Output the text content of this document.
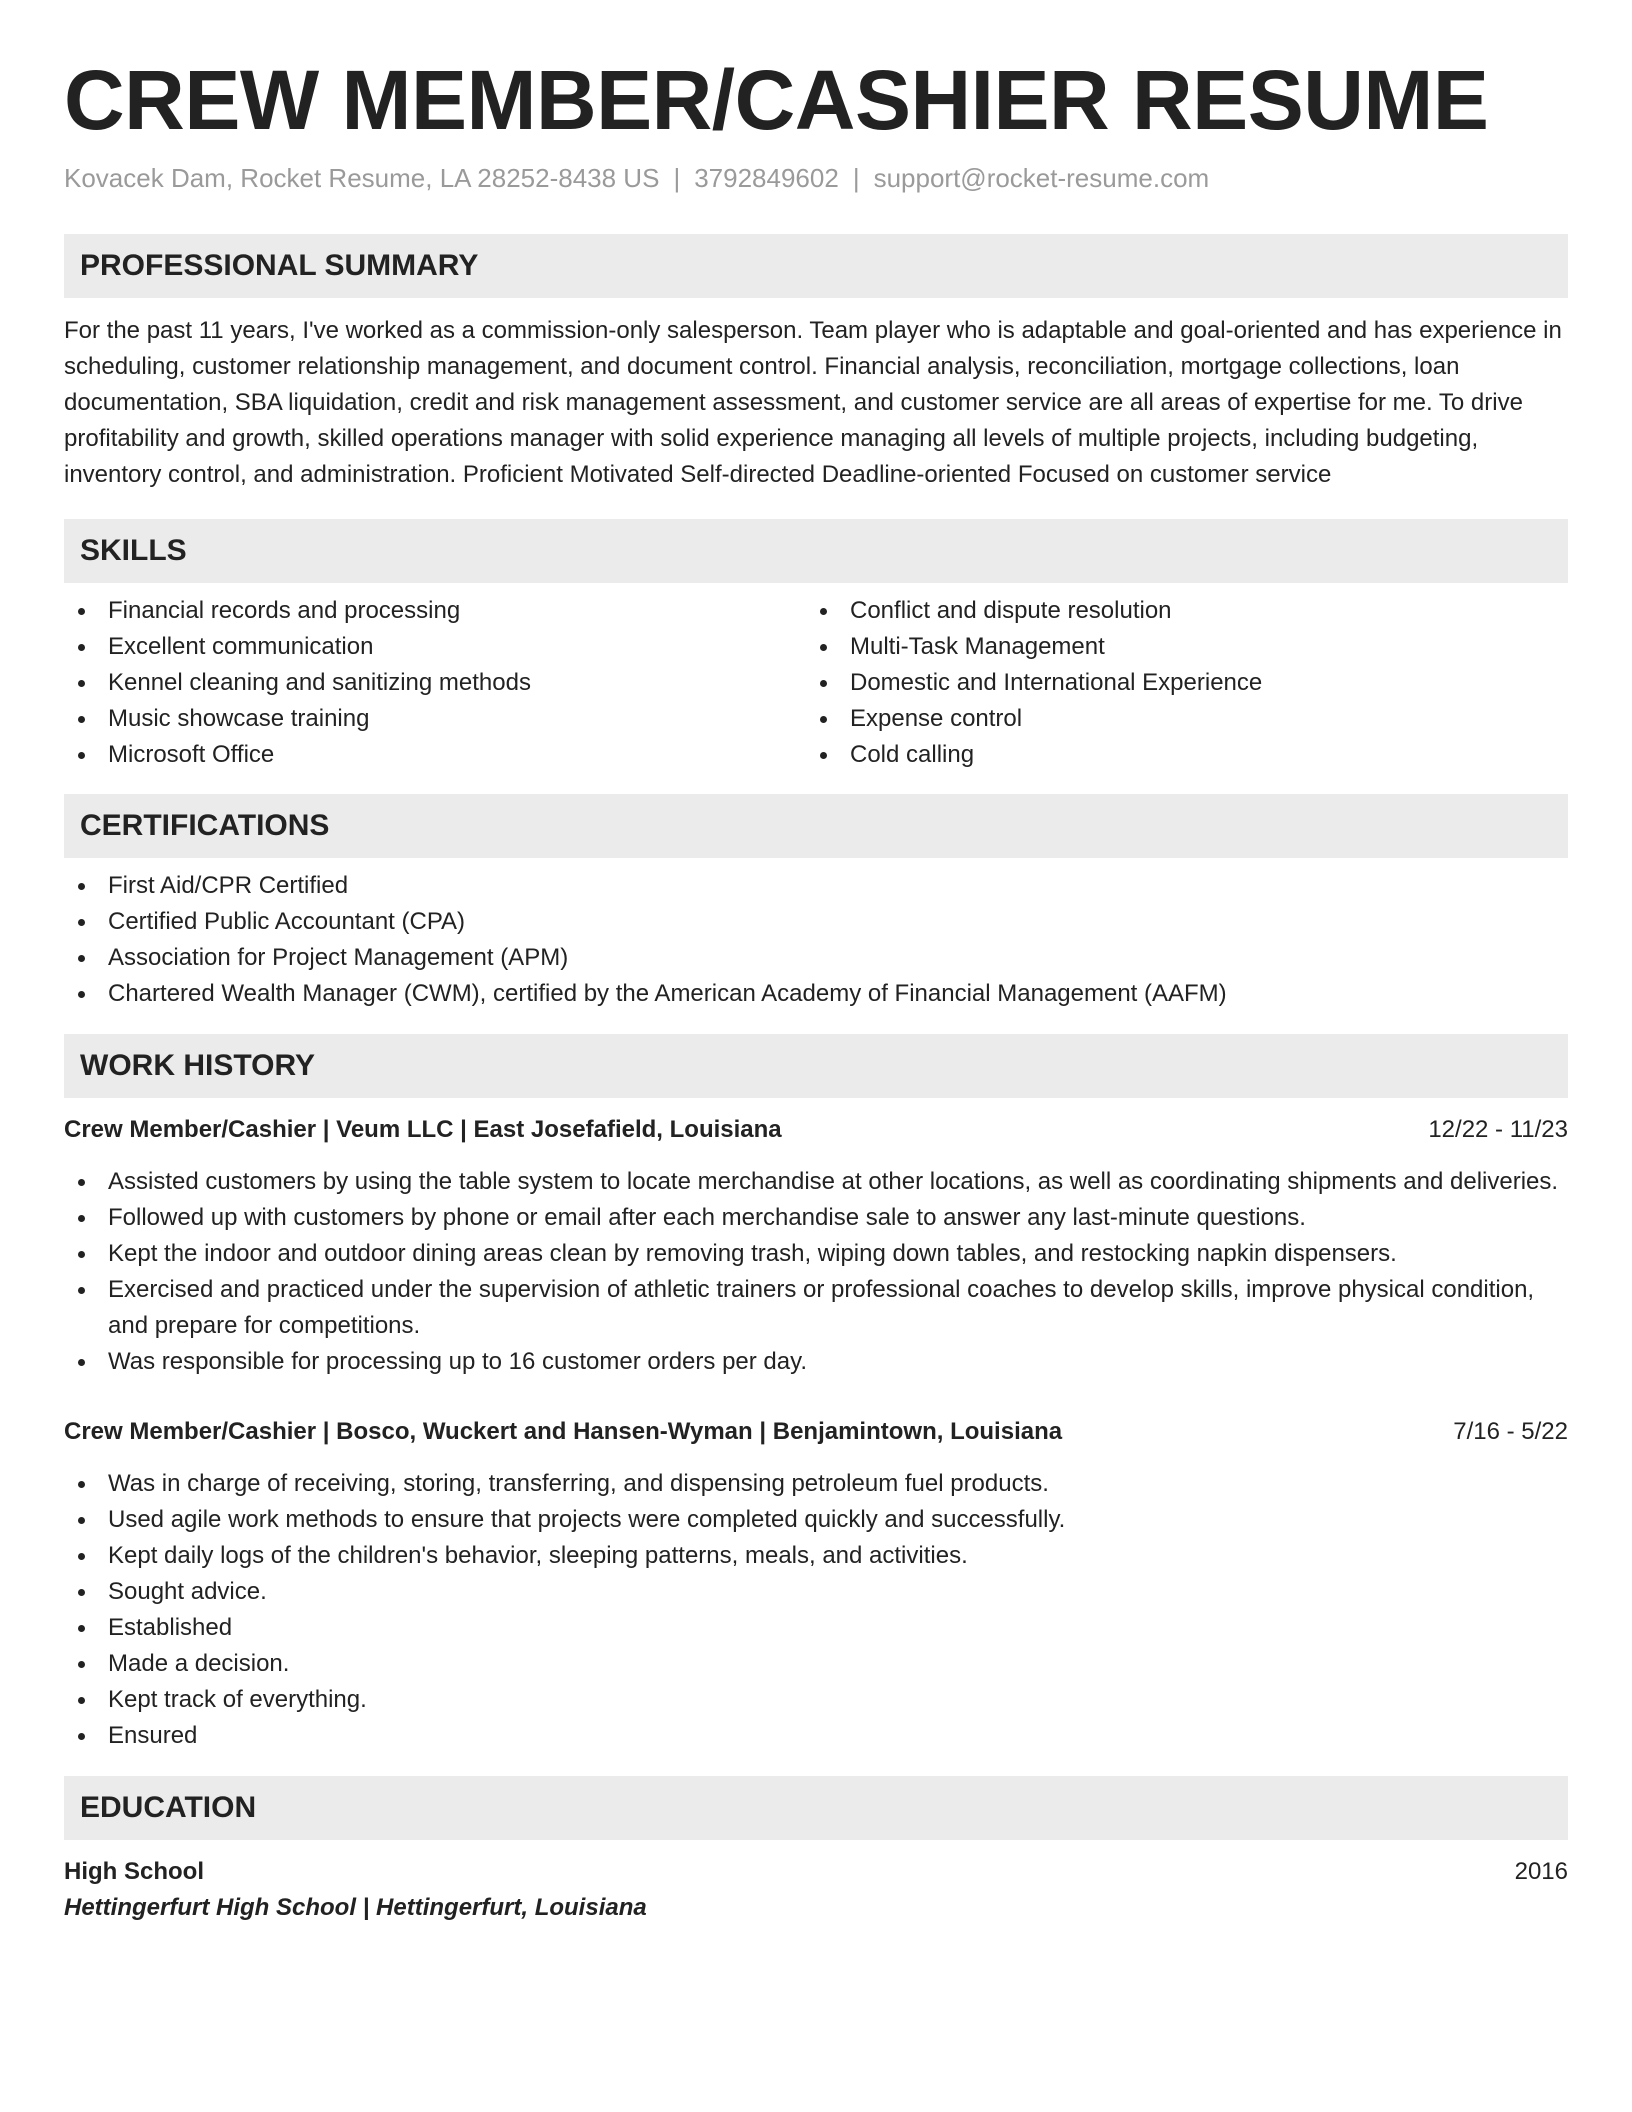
CREW MEMBER/CASHIER RESUME
Kovacek Dam, Rocket Resume, LA 28252-8438 US | 3792849602 | support@rocket-resume.com
PROFESSIONAL SUMMARY

For the past 11 years, I've worked as a commission-only salesperson. Team player who is adaptable and goal-oriented and has experience in scheduling, customer relationship management, and document control. Financial analysis, reconciliation, mortgage collections, loan documentation, SBA liquidation, credit and risk management assessment, and customer service are all areas of expertise for me. To drive profitability and growth, skilled operations manager with solid experience managing all levels of multiple projects, including budgeting, inventory control, and administration. Proficient Motivated Self-directed Deadline-oriented Focused on customer service

SKILLS
Financial records and processing
Excellent communication
Kennel cleaning and sanitizing methods
Music showcase training
Microsoft Office
Conflict and dispute resolution
Multi-Task Management
Domestic and International Experience
Expense control
Cold calling
CERTIFICATIONS
First Aid/CPR Certified
Certified Public Accountant (CPA)
Association for Project Management (APM)
Chartered Wealth Manager (CWM), certified by the American Academy of Financial Management (AAFM)
WORK HISTORY
Crew Member/Cashier | Veum LLC | East Josefafield, Louisiana	12/22 - 11/23
Assisted customers by using the table system to locate merchandise at other locations, as well as coordinating shipments and deliveries.
Followed up with customers by phone or email after each merchandise sale to answer any last-minute questions.
Kept the indoor and outdoor dining areas clean by removing trash, wiping down tables, and restocking napkin dispensers.
Exercised and practiced under the supervision of athletic trainers or professional coaches to develop skills, improve physical condition, and prepare for competitions.
Was responsible for processing up to 16 customer orders per day.
Crew Member/Cashier | Bosco, Wuckert and Hansen-Wyman | Benjamintown, Louisiana	7/16 - 5/22
Was in charge of receiving, storing, transferring, and dispensing petroleum fuel products.
Used agile work methods to ensure that projects were completed quickly and successfully.
Kept daily logs of the children's behavior, sleeping patterns, meals, and activities.
Sought advice.
Established
Made a decision.
Kept track of everything.
Ensured
EDUCATION
High School	2016
Hettingerfurt High School | Hettingerfurt, Louisiana
